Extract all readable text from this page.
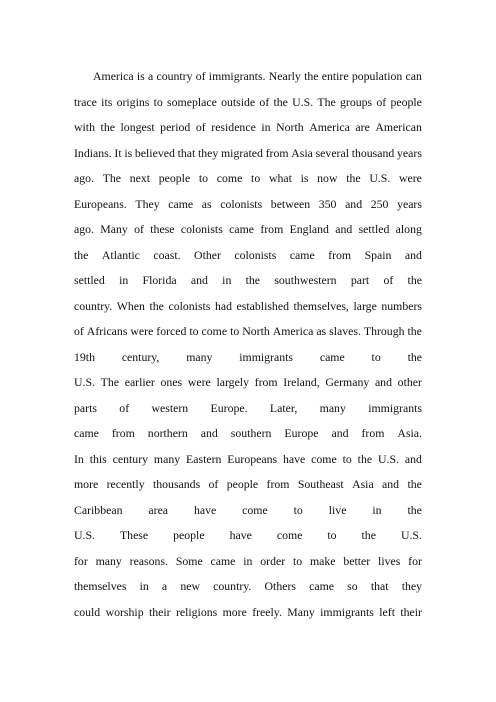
America is a country of immigrants. Nearly the entire population can
trace its origins to someplace outside of the U.S. The groups of people
with the longest period of residence in North America are American
Indians. It is believed that they migrated from Asia several thousand years
ago. The next people to come to what is now the U.S. were
Europeans. They came as colonists between 350 and 250 years
ago. Many of these colonists came from England and settled along
the Atlantic coast. Other colonists came from Spain and
settled in Florida and in the southwestern part of the
country. When the colonists had established themselves, large numbers
of Africans were forced to come to North America as slaves. Through the
19th century, many immigrants came to the
U.S. The earlier ones were largely from Ireland, Germany and other
parts of western Europe. Later, many immigrants
came from northern and southern Europe and from Asia.
In this century many Eastern Europeans have come to the U.S. and
more recently thousands of people from Southeast Asia and the
Caribbean area have come to live in the
U.S. These people have come to the U.S.
for many reasons. Some came in order to make better lives for
themselves in a new country. Others came so that they
could worship their religions more freely. Many immigrants left their
